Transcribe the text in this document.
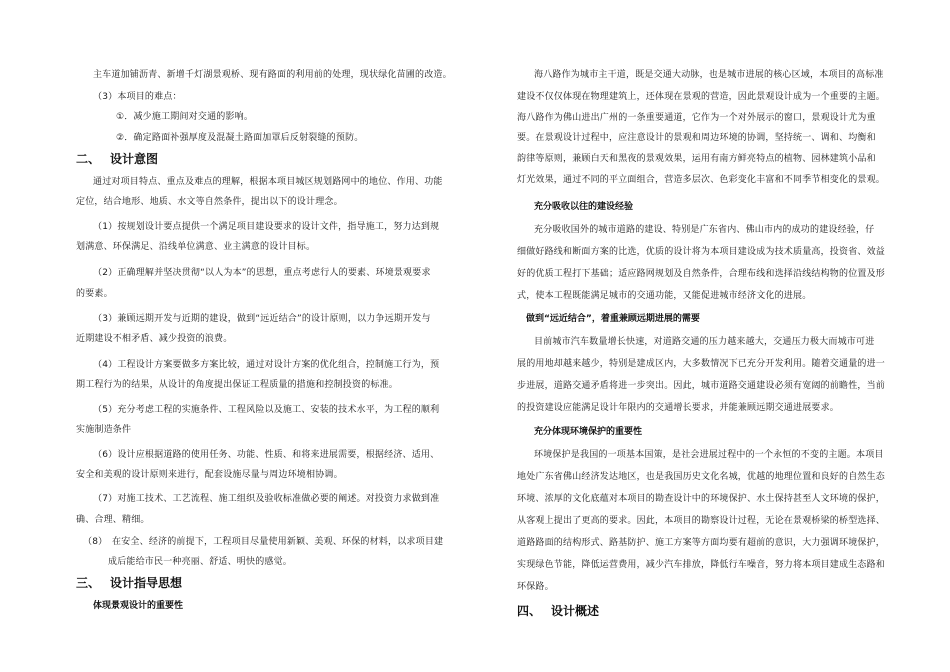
主车道加铺沥青、新增千灯湖景观桥、现有路面的利用前的处理，现状绿化苗圃的改造。
（3）本项目的难点：
①．减少施工期间对交通的影响。
②．确定路面补强厚度及混凝土路面加罩后反射裂缝的预防。
二、 设计意图
通过对项目特点、重点及难点的理解，根据本项目城区规划路网中的地位、作用、功能
定位，结合地形、地质、水文等自然条件，提出以下的设计理念。
（1）按规划设计要点提供一个满足项目建设要求的设计文件，指导施工，努力达到规
划满意、环保满足、沿线单位满意、业主满意的设计目标。
（2）正确理解并坚决贯彻“以人为本”的思想，重点考虑行人的要素、环境景观要求
的要素。
（3）兼顾远期开发与近期的建设，做到“远近结合”的设计原则，以力争远期开发与
近期建设不相矛盾、减少投资的浪费。
（4）工程设计方案要做多方案比较，通过对设计方案的优化组合，控制施工行为，预
期工程行为的结果，从设计的角度提出保证工程质量的措施和控制投资的标准。
（5）充分考虑工程的实施条件、工程风险以及施工、安装的技术水平，为工程的顺利
实施制造条件
（6）设计应根据道路的使用任务、功能、性质、和将来进展需要，根据经济、适用、
安全和美观的设计原则来进行，配套设施尽量与周边环境相协调。
（7）对施工技术、工艺流程、施工组织及验收标准做必要的阐述。对投资力求做到准
确、合理、精细。
（8）　在安全、经济的前提下，工程项目尽量使用新颖、美观、环保的材料，以求项目建
成后能给市民一种亮丽、舒适、明快的感觉。
三、 设计指导思想
体现景观设计的重要性
海八路作为城市主干道，既是交通大动脉，也是城市进展的核心区域，本项目的高标准
建设不仅仅体现在物理建筑上，还体现在景观的营造，因此景观设计成为一个重要的主题。
海八路作为佛山进出广州的一条重要通道，它作为一个对外展示的窗口，景观设计尤为重
要。在景观设计过程中，应注意设计的景观和周边环境的协调，坚持统一、调和、均衡和
韵律等原则，兼顾白天和黑夜的景观效果，运用有南方鲜亮特点的植物、园林建筑小品和
灯光效果，通过不同的平立面组合，营造多层次、色彩变化丰富和不同季节相变化的景观。
充分吸收以往的建设经验
充分吸收国外的城市道路的建设、特别是广东省内、佛山市内的成功的建设经验，仔
细做好路线和断面方案的比选，优质的设计将为本项目建设成为技术质量高，投资省、效益
好的优质工程打下基础；适应路网规划及自然条件，合理布线和选择沿线结构物的位置及形
式，使本工程既能满足城市的交通功能，又能促进城市经济文化的进展。
做到“远近结合”，着重兼顾远期进展的需要
目前城市汽车数量增长快速，对道路交通的压力越来越大，交通压力极大而城市可进
展的用地却越来越少，特别是建成区内，大多数情况下已充分开发利用。随着交通量的进一
步进展，道路交通矛盾将进一步突出。因此，城市道路交通建设必须有宽阔的前瞻性，当前
的投资建设应能满足设计年限内的交通增长要求，并能兼顾远期交通进展要求。
充分体现环境保护的重要性
环境保护是我国的一项基本国策，是社会进展过程中的一个永恒的不变的主题。本项目
地处广东省佛山经济发达地区，也是我国历史文化名城，优越的地理位置和良好的自然生态
环境、浓厚的文化底蕴对本项目的勘查设计中的环境保护、水土保持甚至人文环境的保护，
从客观上提出了更高的要求。因此，本项目的勘察设计过程，无论在景观桥梁的桥型选择、
道路路面的结构形式、路基防护、施工方案等方面均要有超前的意识，大力强调环境保护，
实现绿色节能，降低运营费用，减少汽车排放，降低行车噪音，努力将本项目建成生态路和
环保路。
四、 设计概述
